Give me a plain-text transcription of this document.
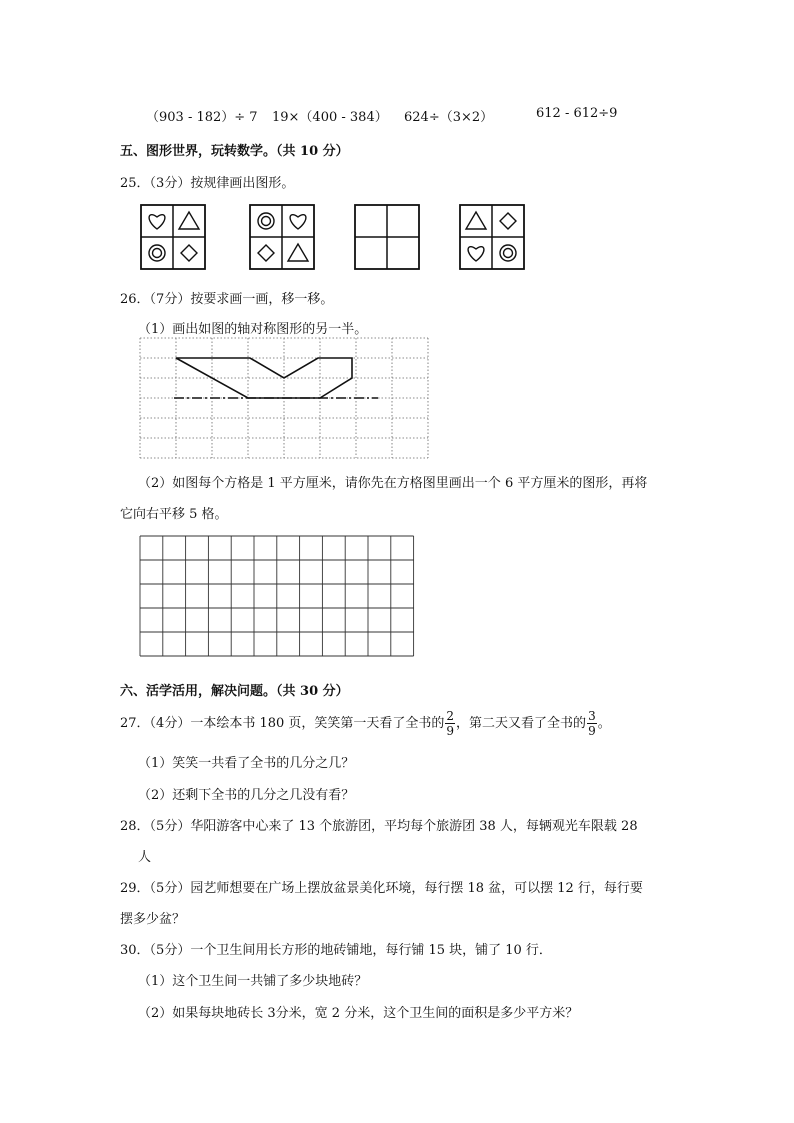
（903 - 182）÷ 7 19×（400 - 384） 624÷（3×2）	612 - 612÷9
五、图形世界，玩转数学。（共 10 分）
25．（3分）按规律画出图形。
26．（7分）按要求画一画，移一移。
（1）画出如图的轴对称图形的另一半。
（2）如图每个方格是 1 平方厘米，请你先在方格图里画出一个 6 平方厘米的图形，再将
它向右平移 5 格。
六、活学活用，解决问题。（共 30 分）
27．（4分）一本绘本书 180 页，笑笑第一天看了全书的 $\frac{2}{9}$ ，第二天又看了全书的 $\frac{3}{9}$ 。
（1）笑笑一共看了全书的几分之几？
（2）还剩下全书的几分之几没有看？
28．（5分）华阳游客中心来了 13 个旅游团，平均每个旅游团 38 人，每辆观光车限载 28
人
29．（5分）园艺师想要在广场上摆放盆景美化环境，每行摆 18 盆，可以摆 12 行，每行要
摆多少盆？
30．（5分）一个卫生间用长方形的地砖铺地，每行铺 15 块，铺了 10 行．
（1）这个卫生间一共铺了多少块地砖？
（2）如果每块地砖长 3分米，宽 2 分米，这个卫生间的面积是多少平方米？
